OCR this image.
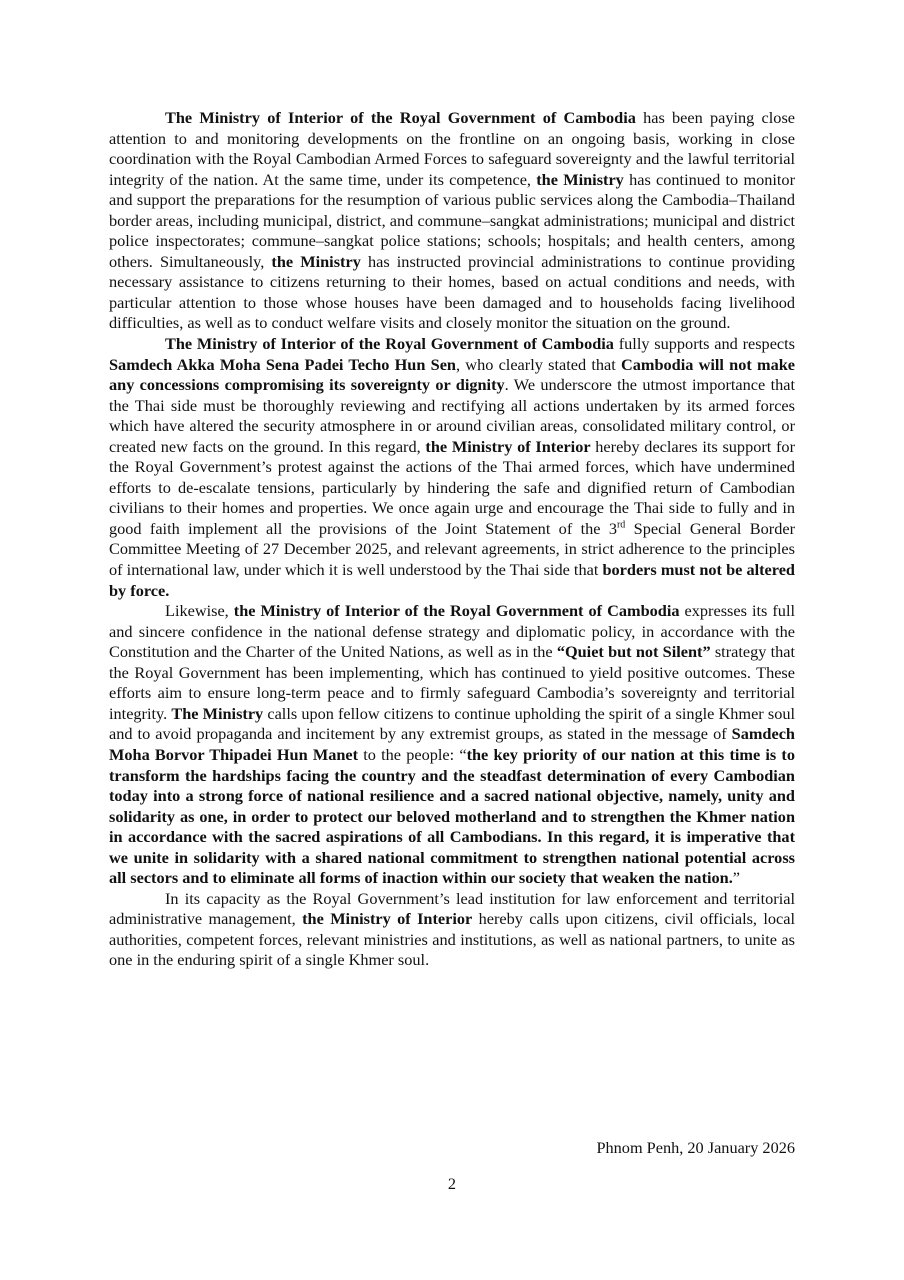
The Ministry of Interior of the Royal Government of Cambodia has been paying close attention to and monitoring developments on the frontline on an ongoing basis, working in close coordination with the Royal Cambodian Armed Forces to safeguard sovereignty and the lawful territorial integrity of the nation. At the same time, under its competence, the Ministry has continued to monitor and support the preparations for the resumption of various public services along the Cambodia–Thailand border areas, including municipal, district, and commune–sangkat administrations; municipal and district police inspectorates; commune–sangkat police stations; schools; hospitals; and health centers, among others. Simultaneously, the Ministry has instructed provincial administrations to continue providing necessary assistance to citizens returning to their homes, based on actual conditions and needs, with particular attention to those whose houses have been damaged and to households facing livelihood difficulties, as well as to conduct welfare visits and closely monitor the situation on the ground.

The Ministry of Interior of the Royal Government of Cambodia fully supports and respects Samdech Akka Moha Sena Padei Techo Hun Sen, who clearly stated that Cambodia will not make any concessions compromising its sovereignty or dignity. We underscore the utmost importance that the Thai side must be thoroughly reviewing and rectifying all actions undertaken by its armed forces which have altered the security atmosphere in or around civilian areas, consolidated military control, or created new facts on the ground. In this regard, the Ministry of Interior hereby declares its support for the Royal Government’s protest against the actions of the Thai armed forces, which have undermined efforts to de-escalate tensions, particularly by hindering the safe and dignified return of Cambodian civilians to their homes and properties. We once again urge and encourage the Thai side to fully and in good faith implement all the provisions of the Joint Statement of the 3rd Special General Border Committee Meeting of 27 December 2025, and relevant agreements, in strict adherence to the principles of international law, under which it is well understood by the Thai side that borders must not be altered by force.

Likewise, the Ministry of Interior of the Royal Government of Cambodia expresses its full and sincere confidence in the national defense strategy and diplomatic policy, in accordance with the Constitution and the Charter of the United Nations, as well as in the “Quiet but not Silent” strategy that the Royal Government has been implementing, which has continued to yield positive outcomes. These efforts aim to ensure long-term peace and to firmly safeguard Cambodia’s sovereignty and territorial integrity. The Ministry calls upon fellow citizens to continue upholding the spirit of a single Khmer soul and to avoid propaganda and incitement by any extremist groups, as stated in the message of Samdech Moha Borvor Thipadei Hun Manet to the people: “the key priority of our nation at this time is to transform the hardships facing the country and the steadfast determination of every Cambodian today into a strong force of national resilience and a sacred national objective, namely, unity and solidarity as one, in order to protect our beloved motherland and to strengthen the Khmer nation in accordance with the sacred aspirations of all Cambodians. In this regard, it is imperative that we unite in solidarity with a shared national commitment to strengthen national potential across all sectors and to eliminate all forms of inaction within our society that weaken the nation.”

In its capacity as the Royal Government’s lead institution for law enforcement and territorial administrative management, the Ministry of Interior hereby calls upon citizens, civil officials, local authorities, competent forces, relevant ministries and institutions, as well as national partners, to unite as one in the enduring spirit of a single Khmer soul.

Phnom Penh, 20 January 2026
2
